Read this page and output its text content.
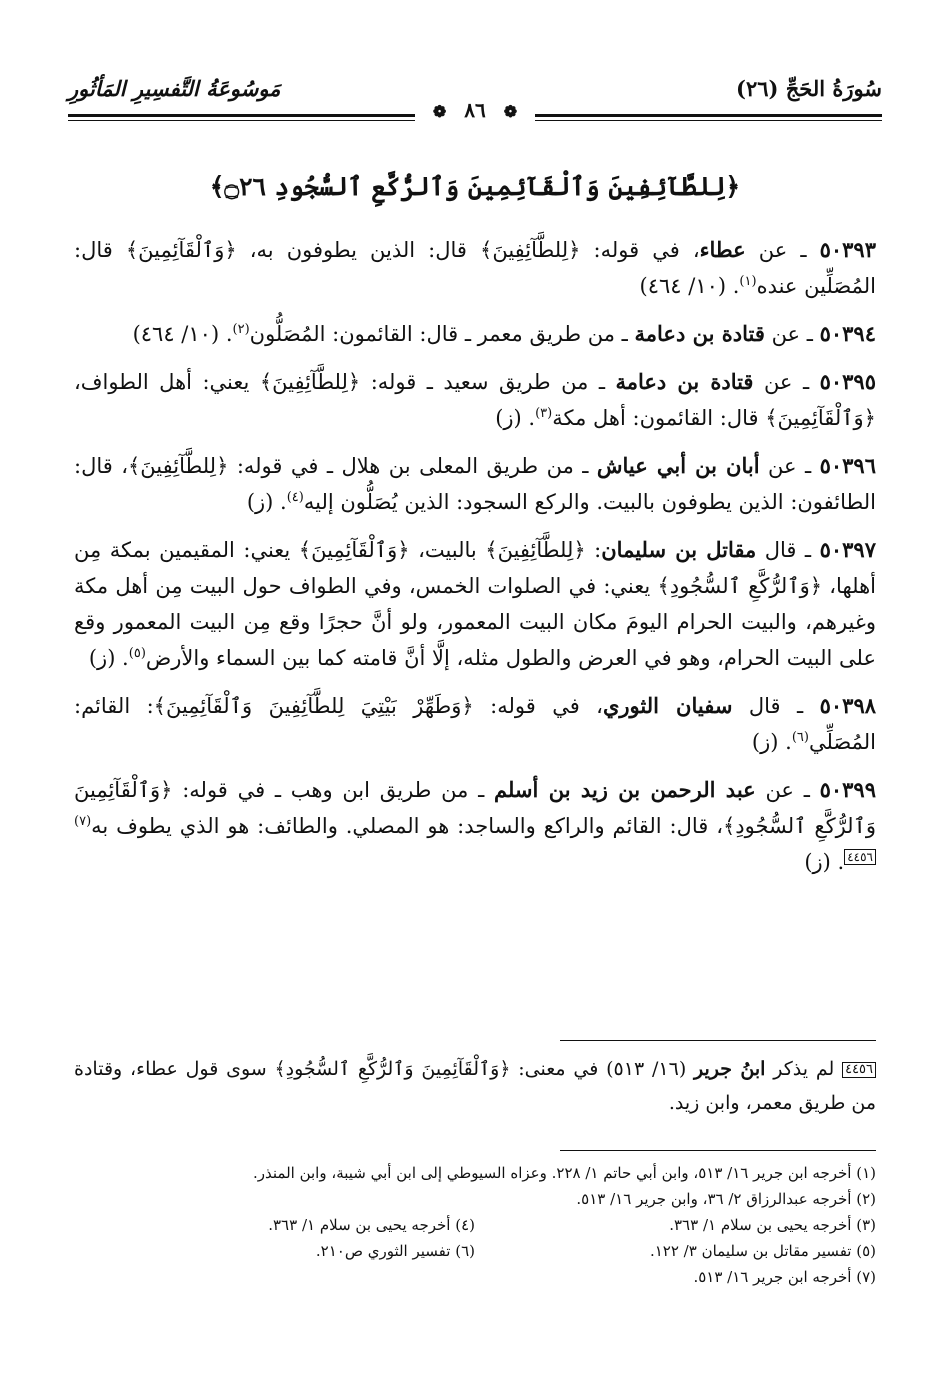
سُورَةُ الحَجِّ (٢٦)
مَوسُوعَةُ التَّفسِيرِ المَأثُورِ
❁٨٦❁
﴿لِلطَّآئِفِينَ وَٱلْقَآئِمِينَ وَٱلرُّكَّعِ ٱلسُّجُودِ ۝٢٦﴾

٥٠٣٩٣ ـ عن عطاء، في قوله: ﴿لِلطَّآئِفِينَ﴾ قال: الذين يطوفون به، ﴿وَٱلْقَآئِمِينَ﴾ قال: المُصَلِّين عنده$^{(١)}$. (١٠/ ٤٦٤)

٥٠٣٩٤ ـ عن قتادة بن دعامة ـ من طريق معمر ـ قال: القائمون: المُصَلُّون$^{(٢)}$. (١٠/ ٤٦٤)

٥٠٣٩٥ ـ عن قتادة بن دعامة ـ من طريق سعيد ـ قوله: ﴿لِلطَّآئِفِينَ﴾ يعني: أهل الطواف، ﴿وَٱلْقَآئِمِينَ﴾ قال: القائمون: أهل مكة$^{(٣)}$. (ز)

٥٠٣٩٦ ـ عن أبان بن أبي عياش ـ من طريق المعلى بن هلال ـ في قوله: ﴿لِلطَّآئِفِينَ﴾، قال: الطائفون: الذين يطوفون بالبيت. والركع السجود: الذين يُصَلُّون إليه$^{(٤)}$. (ز)

٥٠٣٩٧ ـ قال مقاتل بن سليمان: ﴿لِلطَّآئِفِينَ﴾ بالبيت، ﴿وَٱلْقَآئِمِينَ﴾ يعني: المقيمين بمكة مِن أهلها، ﴿وَٱلرُّكَّعِ ٱلسُّجُودِ﴾ يعني: في الصلوات الخمس، وفي الطواف حول البيت مِن أهل مكة وغيرهم، والبيت الحرام اليومَ مكان البيت المعمور، ولو أنَّ حجرًا وقع مِن البيت المعمور وقع على البيت الحرام، وهو في العرض والطول مثله، إلَّا أنَّ قامته كما بين السماء والأرض$^{(٥)}$. (ز)

٥٠٣٩٨ ـ قال سفيان الثوري، في قوله: ﴿وَطَهِّرْ بَيْتِيَ لِلطَّآئِفِينَ وَٱلْقَآئِمِينَ﴾: القائم: المُصَلِّي$^{(٦)}$. (ز)

٥٠٣٩٩ ـ عن عبد الرحمن بن زيد بن أسلم ـ من طريق ابن وهب ـ في قوله: ﴿وَٱلْقَآئِمِينَ وَٱلرُّكَّعِ ٱلسُّجُودِ﴾، قال: القائم والراكع والساجد: هو المصلي. والطائف: هو الذي يطوف به$^{(٧)}$٤٤٥٦. (ز)

٤٤٥٦ لم يذكر ابنُ جرير (١٦/ ٥١٣) في معنى: ﴿وَٱلْقَآئِمِينَ وَٱلرُّكَّعِ ٱلسُّجُودِ﴾ سوى قول عطاء، وقتادة من طريق معمر، وابن زيد.
(١) أخرجه ابن جرير ١٦/ ٥١٣، وابن أبي حاتم ١/ ٢٢٨. وعزاه السيوطي إلى ابن أبي شيبة، وابن المنذر.
(٢) أخرجه عبدالرزاق ٢/ ٣٦، وابن جرير ١٦/ ٥١٣.
(٣) أخرجه يحيى بن سلام ١/ ٣٦٣.
(٤) أخرجه يحيى بن سلام ١/ ٣٦٣.
(٥) تفسير مقاتل بن سليمان ٣/ ١٢٢.
(٦) تفسير الثوري ص٢١٠.
(٧) أخرجه ابن جرير ١٦/ ٥١٣.
